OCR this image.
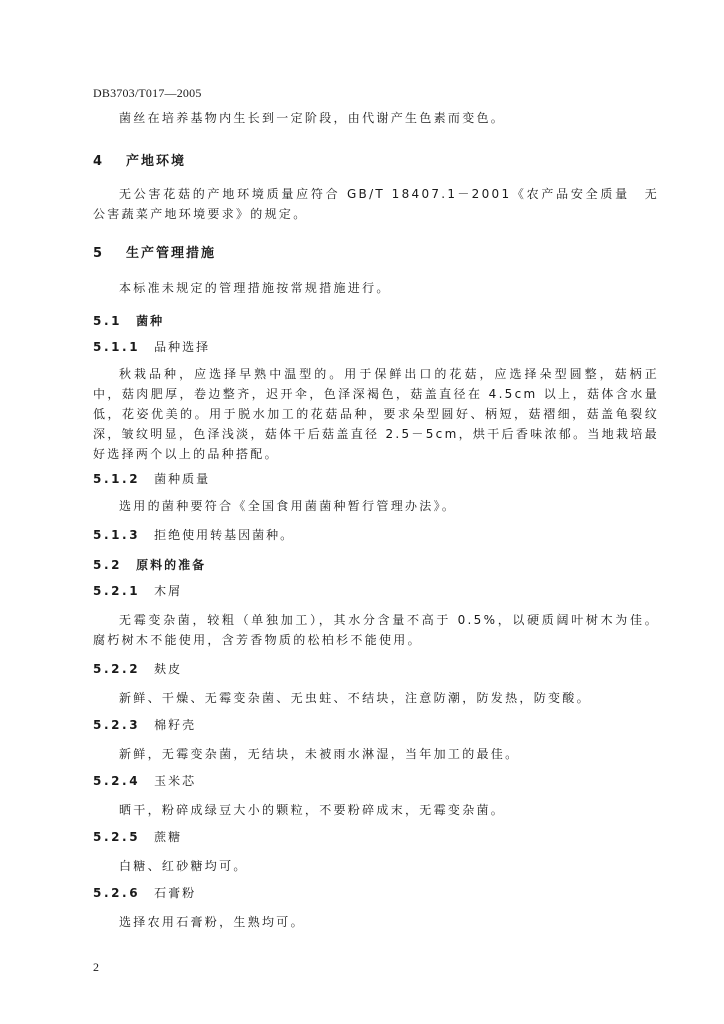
DB3703/T017—2005

菌丝在培养基物内生长到一定阶段，由代谢产生色素而变色。

4 产地环境

无公害花菇的产地环境质量应符合 GB/T 18407.1－2001《农产品安全质量　无公害蔬菜产地环境要求》的规定。

5 生产管理措施

本标准未规定的管理措施按常规措施进行。

5.1 菌种
5.1.1 品种选择

秋栽品种，应选择早熟中温型的。用于保鲜出口的花菇，应选择朵型圆整，菇柄正中，菇肉肥厚，卷边整齐，迟开伞，色泽深褐色，菇盖直径在 4.5cm 以上，菇体含水量低，花姿优美的。用于脱水加工的花菇品种，要求朵型圆好、柄短，菇褶细，菇盖龟裂纹深，皱纹明显，色泽浅淡，菇体干后菇盖直径 2.5－5cm，烘干后香味浓郁。当地栽培最好选择两个以上的品种搭配。

5.1.2 菌种质量

选用的菌种要符合《全国食用菌菌种暂行管理办法》。

5.1.3 拒绝使用转基因菌种。
5.2 原料的准备
5.2.1 木屑

无霉变杂菌，较粗（单独加工），其水分含量不高于 0.5%，以硬质阔叶树木为佳。腐朽树木不能使用，含芳香物质的松柏杉不能使用。

5.2.2 麸皮

新鲜、干燥、无霉变杂菌、无虫蛀、不结块，注意防潮，防发热，防变酸。

5.2.3 棉籽壳

新鲜，无霉变杂菌，无结块，未被雨水淋湿，当年加工的最佳。

5.2.4 玉米芯

晒干，粉碎成绿豆大小的颗粒，不要粉碎成末，无霉变杂菌。

5.2.5 蔗糖

白糖、红砂糖均可。

5.2.6 石膏粉

选择农用石膏粉，生熟均可。

2
